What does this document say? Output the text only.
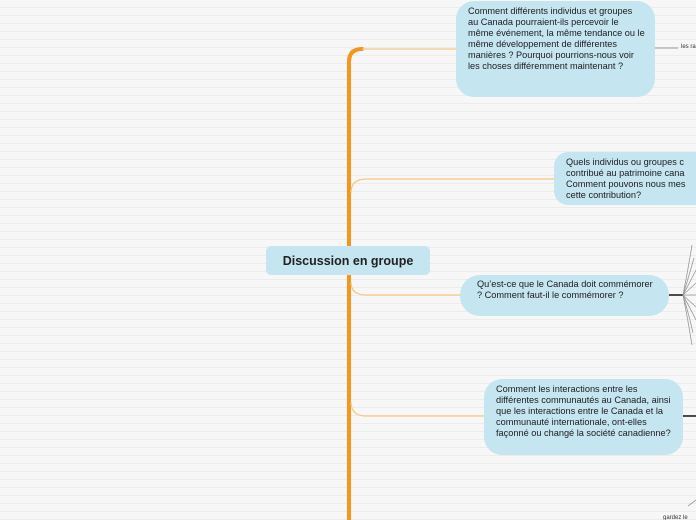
Discussion en groupe
Comment différents individus et groupes au Canada pourraient-ils percevoir le même événement, la même tendance ou le même développement de différentes manières ? Pourquoi pourrions-nous voir les choses différemment maintenant ?
Quels individus ou groupes c contribué au patrimoine cana Comment pouvons nous mes cette contribution?
Qu’est-ce que le Canada doit commémorer ? Comment faut-il le commémorer ?
Comment les interactions entre les différentes communautés au Canada, ainsi que les interactions entre le Canada et la communauté internationale, ont-elles façonné ou changé la société canadienne?
les ra
gardez le
